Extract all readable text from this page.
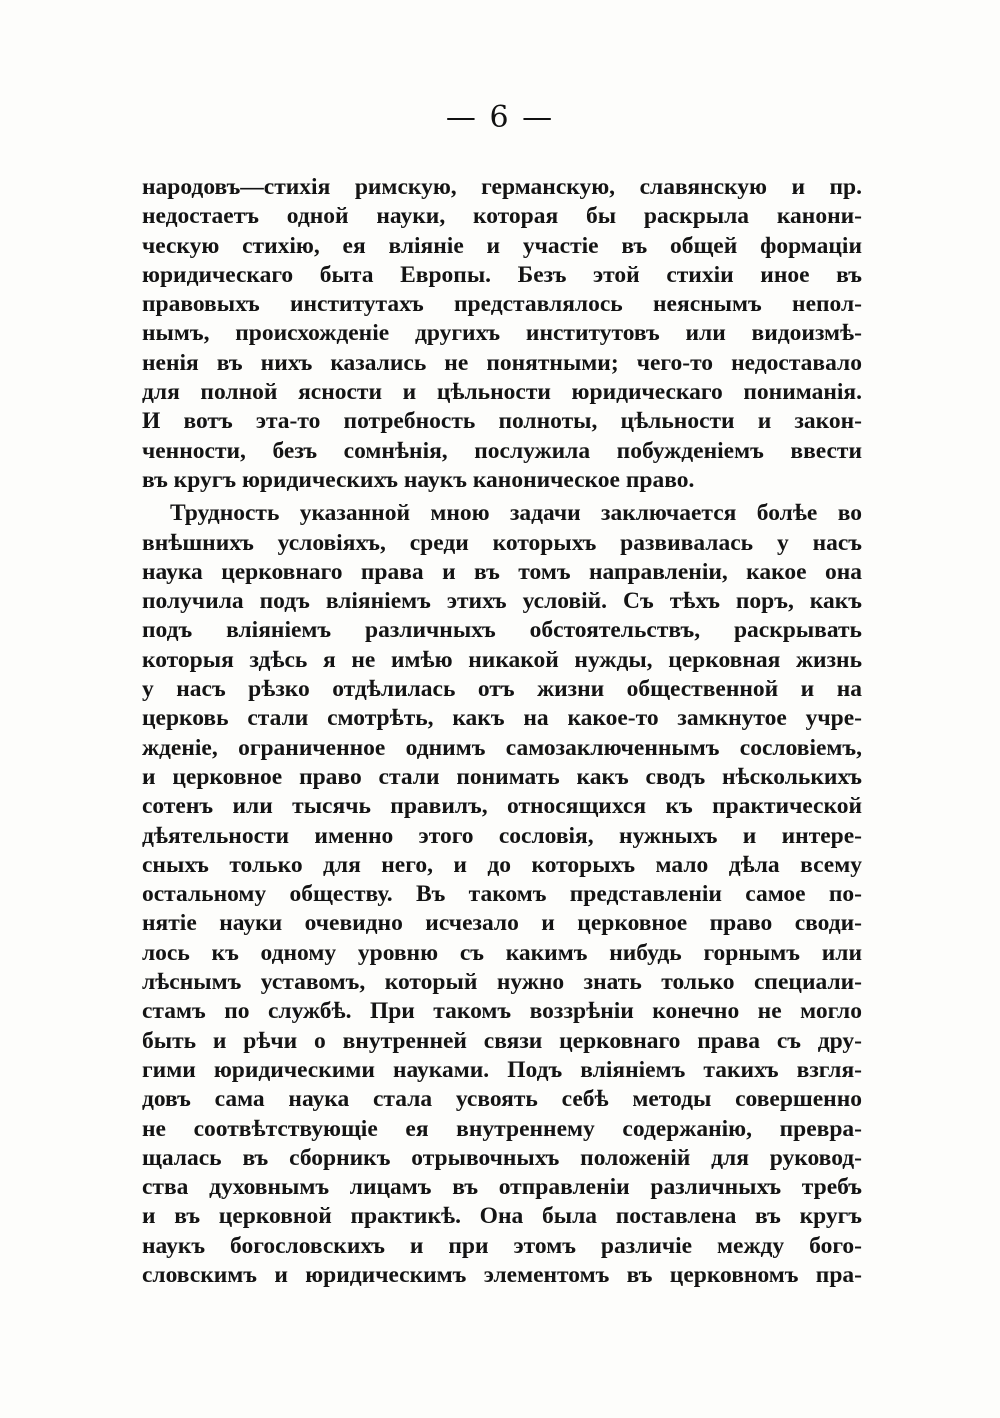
— 6 —
народовъ—стихія римскую, германскую, славянскую и пр.
недостаетъ одной науки, которая бы раскрыла канони-
ческую стихію, ея вліяніе и участіе въ общей формаціи
юридическаго быта Европы. Безъ этой стихіи иное въ
правовыхъ институтахъ представлялось неяснымъ непол-
нымъ, происхожденіе другихъ институтовъ или видоизмѣ-
ненія въ нихъ казались не понятными; чего-то недоставало
для полной ясности и цѣльности юридическаго пониманія.
И вотъ эта-то потребность полноты, цѣльности и закон-
ченности, безъ сомнѣнія, послужила побужденіемъ ввести
въ кругъ юридическихъ наукъ каноническое право.
Трудность указанной мною задачи заключается болѣе во
внѣшнихъ условіяхъ, среди которыхъ развивалась у насъ
наука церковнаго права и въ томъ направленіи, какое она
получила подъ вліяніемъ этихъ условій. Съ тѣхъ поръ, какъ
подъ вліяніемъ различныхъ обстоятельствъ, раскрывать
которыя здѣсь я не имѣю никакой нужды, церковная жизнь
у насъ рѣзко отдѣлилась отъ жизни общественной и на
церковь стали смотрѣть, какъ на какое-то замкнутое учре-
жденіе, ограниченное однимъ самозаключеннымъ сословіемъ,
и церковное право стали понимать какъ сводъ нѣсколькихъ
сотенъ или тысячь правилъ, относящихся къ практической
дѣятельности именно этого сословія, нужныхъ и интере-
сныхъ только для него, и до которыхъ мало дѣла всему
остальному обществу. Въ такомъ представленіи самое по-
нятіе науки очевидно исчезало и церковное право своди-
лось къ одному уровню съ какимъ нибудь горнымъ или
лѣснымъ уставомъ, который нужно знать только специали-
стамъ по службѣ. При такомъ воззрѣніи конечно не могло
быть и рѣчи о внутренней связи церковнаго права съ дру-
гими юридическими науками. Подъ вліяніемъ такихъ взгля-
довъ сама наука стала усвоять себѣ методы совершенно
не соотвѣтствующіе ея внутреннему содержанію, превра-
щалась въ сборникъ отрывочныхъ положеній для руковод-
ства духовнымъ лицамъ въ отправленіи различныхъ требъ
и въ церковной практикѣ. Она была поставлена въ кругъ
наукъ богословскихъ и при этомъ различіе между бого-
словскимъ и юридическимъ элементомъ въ церковномъ пра-
